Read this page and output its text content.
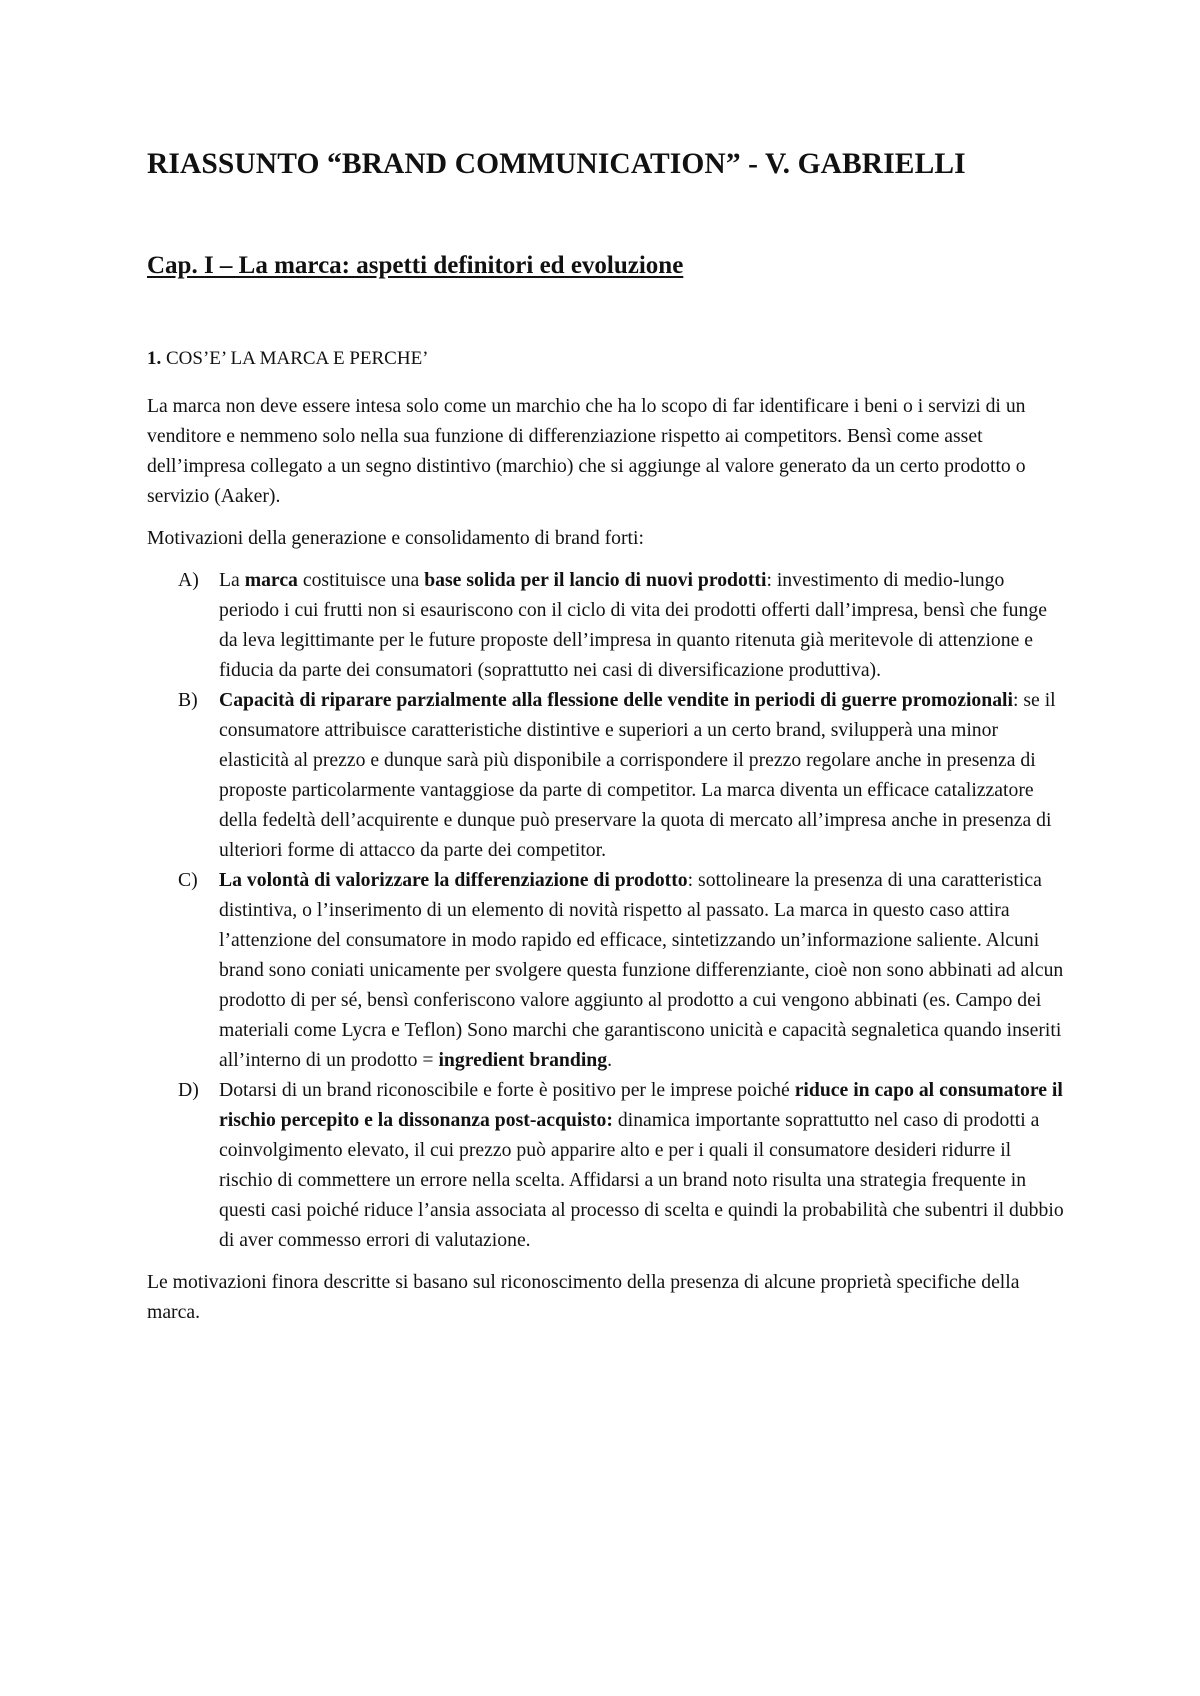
RIASSUNTO “BRAND COMMUNICATION” - V. GABRIELLI
Cap. I – La marca: aspetti definitori ed evoluzione
1. COS’E’ LA MARCA E PERCHE’

La marca non deve essere intesa solo come un marchio che ha lo scopo di far identificare i beni o i servizi di un venditore e nemmeno solo nella sua funzione di differenziazione rispetto ai competitors. Bensì come asset dell’impresa collegato a un segno distintivo (marchio) che si aggiunge al valore generato da un certo prodotto o servizio (Aaker).

Motivazioni della generazione e consolidamento di brand forti:

A) La marca costituisce una base solida per il lancio di nuovi prodotti: investimento di medio-lungo periodo i cui frutti non si esauriscono con il ciclo di vita dei prodotti offerti dall’impresa, bensì che funge da leva legittimante per le future proposte dell’impresa in quanto ritenuta già meritevole di attenzione e fiducia da parte dei consumatori (soprattutto nei casi di diversificazione produttiva).
B) Capacità di riparare parzialmente alla flessione delle vendite in periodi di guerre promozionali: se il consumatore attribuisce caratteristiche distintive e superiori a un certo brand, svilupperà una minor elasticità al prezzo e dunque sarà più disponibile a corrispondere il prezzo regolare anche in presenza di proposte particolarmente vantaggiose da parte di competitor. La marca diventa un efficace catalizzatore della fedeltà dell’acquirente e dunque può preservare la quota di mercato all’impresa anche in presenza di ulteriori forme di attacco da parte dei competitor.
C) La volontà di valorizzare la differenziazione di prodotto: sottolineare la presenza di una caratteristica distintiva, o l’inserimento di un elemento di novità rispetto al passato. La marca in questo caso attira l’attenzione del consumatore in modo rapido ed efficace, sintetizzando un’informazione saliente. Alcuni brand sono coniati unicamente per svolgere questa funzione differenziante, cioè non sono abbinati ad alcun prodotto di per sé, bensì conferiscono valore aggiunto al prodotto a cui vengono abbinati (es. Campo dei materiali come Lycra e Teflon) Sono marchi che garantiscono unicità e capacità segnaletica quando inseriti all’interno di un prodotto = ingredient branding.
D) Dotarsi di un brand riconoscibile e forte è positivo per le imprese poiché riduce in capo al consumatore il rischio percepito e la dissonanza post-acquisto: dinamica importante soprattutto nel caso di prodotti a coinvolgimento elevato, il cui prezzo può apparire alto e per i quali il consumatore desideri ridurre il rischio di commettere un errore nella scelta. Affidarsi a un brand noto risulta una strategia frequente in questi casi poiché riduce l’ansia associata al processo di scelta e quindi la probabilità che subentri il dubbio di aver commesso errori di valutazione.

Le motivazioni finora descritte si basano sul riconoscimento della presenza di alcune proprietà specifiche della marca.
